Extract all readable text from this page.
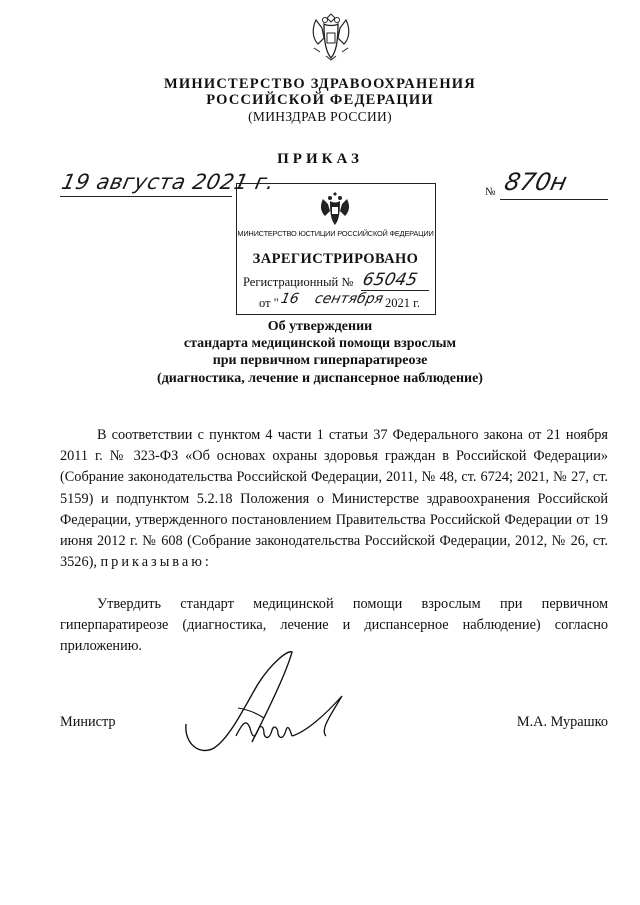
МИНИСТЕРСТВО ЗДРАВООХРАНЕНИЯ
РОССИЙСКОЙ ФЕДЕРАЦИИ
(МИНЗДРАВ РОССИИ)
ПРИКАЗ
19 августа 2021 г.	№ 870н
МИНИСТЕРСТВО ЮСТИЦИИ РОССИЙСКОЙ ФЕДЕРАЦИИ
ЗАРЕГИСТРИРОВАНО
Регистрационный № 65045
от " 16 сентября 2021 г.
Об утверждении
стандарта медицинской помощи взрослым
при первичном гиперпаратиреозе
(диагностика, лечение и диспансерное наблюдение)
В соответствии с пунктом 4 части 1 статьи 37 Федерального закона от 21 ноября 2011 г. № 323-ФЗ «Об основах охраны здоровья граждан в Российской Федерации» (Собрание законодательства Российской Федерации, 2011, № 48, ст. 6724; 2021, № 27, ст. 5159) и подпунктом 5.2.18 Положения о Министерстве здравоохранения Российской Федерации, утвержденного постановлением Правительства Российской Федерации от 19 июня 2012 г. № 608 (Собрание законодательства Российской Федерации, 2012, № 26, ст. 3526), приказываю:
Утвердить стандарт медицинской помощи взрослым при первичном гиперпаратиреозе (диагностика, лечение и диспансерное наблюдение) согласно приложению.
Министр	М.А. Мурашко
